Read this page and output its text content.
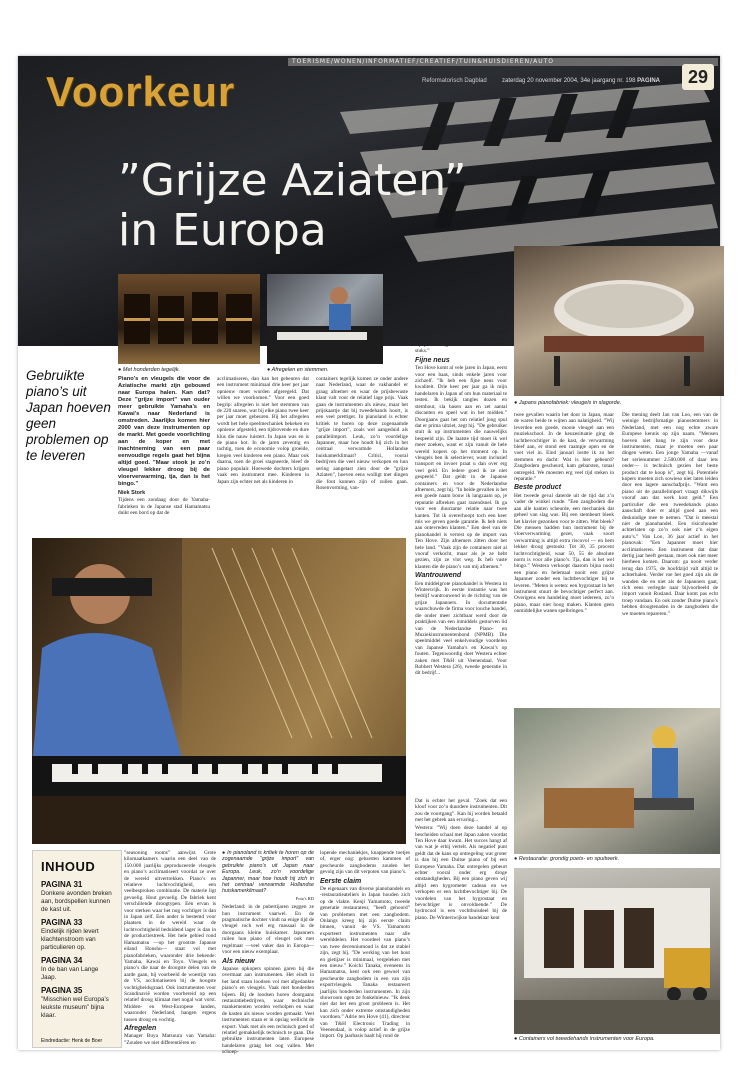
TOERISME/WONEN/INFORMATIEF/CREATIEF/TUIN&HUISDIEREN/AUTO
Voorkeur	Reformatorisch Dagblad	zaterdag 20 november 2004, 34e jaargang nr. 198 PAGINA	29
”Grijze Aziaten”
in Europa
Gebruikte piano’s uit Japan hoeven geen problemen op te leveren
● Met honderden tegelijk.	● Afregelen en stemmen.
● Japans pianofabriek: vleugels in slagorde.

Piano’s en vleugels die voor de Aziatische markt zijn gebouwd naar Europa halen. Kan dat? Deze ”grijze import” van ouder meer gebruikte Yamaha’s en Kawai’s naar Nederland is omstreden. Jaarlijks komen hier 2000 van deze instrumenten op de markt. Met goede voorlichting aan de koper en met inachtneming van een paar eenvoudige regels gaat het bijna altijd goed. ”Maar stook je zo’n vleugel lekker droog bij de vloerverwarming, tja, dan is het bingo.”

Niek Stork

Tijdens een zondaag door de Yamaha-fabrieken in de Japanse stad Hamamatsu duikt een bord op dat de

acclimatiseren, dan kan het gebeuren dat een instrument minimaal drie keer per jaar opnieuw moet worden afgeregeld. Dat willen we voorkomen.” Voor een goed begrip: afregelen is niet het stemmen van de 220 snaren, wat bij elke piano twee keer per jaar moet gebeuren. Bij het afregelen wordt het hele speelmechaniek bekeken en opnieuw afgesteld, een tijdrovende en dure klus die nauw luistert. In Japan was en is de piano hot. In de jaren zeventig en tachtig, toen de economie volop groeide, kregen veel kinderen een piano. Maar ook daarna, toen de groei stagneerde, bleef de piano populair. Hoewede dochters krijgen vaak een instrument mee. Kinderen in Japan zijn echter net als kinderen in

containers tegelijk komen ze onder andere naar Nederland, waar de vakhandel er graag afnemer en waar de prijsbewuste klant valt voor de relatief lage prijs. Vaak gaan de instrumenten als nieuw, maar het prijskaartje dat bij tweedehands hoort, is een veel prettiger. In pianoland is echter kritiek te horen op deze zogenaamde ”grijze import”, zoals wel aangeduid als parallelimport. Leuk, zo’n voordelige Japanner, maar hoe houdt hij zich in het centraal verwarmde Hollandse huiskamerklimaat? Critici, vooral bedrijven die veel nieuw verkopen en hun sering aangetast zien door de ”grijze Aziaten”, hoeven eens wolligt met dingen die fout kunnen zijn of zullen gaan. Rosenvorming, van-

500 piano’s en enkele tientallen vleugels naar Nederland. Een concurrent noemt het dubbele aantal voor z’n rekening. ”Verder zijn er nog een stuk of vier kleintjes actief, elk goed voor een honderd instrumenten. Op jaarbasis gaat het om 1900 tot 2000 stuks.”

Fijne neus

Ten Hove komt al vele jaren in Japan, eerst voor een baas, sinds enkele jaren voor zichzelf. ”Ik heb een fijne neus voor kwaliteit. Drie keer per jaar ga ik mijn handelaren in Japan af om hun materiaal te testen. Ik bekijk tangles dozen en stemhout, sla basen aan en zet aantal discanten en speel wat in het midden.” Doorgaans gaat het om relatief jong spul dat er prima uitziet, zegt hij. ”De gebruiker stuit ik op instrumenten die nauwelijks bespeeld zijn. De laatste tijd moet ik wel meer zoeken, want er zijn vanuit de hele wereld kopers op het moment op. In vleugels ben ik selectiever, want inclusief transport en invoer praat u dan over erg veel geld. En iedere goed ik ze niet gespeeld.” Dat geldt in de Japanse containers en voor de Nederlandse afnemers, zegt hij. ”In beide gevallen is het een goede naam bouw ik langzaam op, je reputatie afbreken gaat razendsnel. Ik ga voor een duurzame relatie naar twee kanten. Tot ik overerhoopt toch een keer mis we geven goede garantie. Ik heb niets aan ontevreden klanten.” Een deel van de pianohandel is verrest op de import van Ten Hove. Zijn afnemers zitten door het hele land. ”Vaak zijn de containers niet al vooraf verkocht, maar als je ze hebt gezien, zijn ze vlot weg. Ik heb vaste klanten die de piano’s van mij afnemen.”

Wantrouwend

Een middelgrote pianohandel is Westera in Wintersvijk. In eerste instantie was het bedrijf wantrouwend in de richting van de grijze Japanners. In documentatie waarschuwde de firma voor louche handel, die onder meer zichtbaar werd door de praktijken van een inmiddels gestorven lid van de Nederlandse Piano- en Muziekinstrumentenbond (NPMB). Die speelmiddel veel enkelvoudige voordelen van Japanse Yamaha’s en Kawai’s op fouten. Tegenwoordig doet Westera echter zaken met T&H uit Veenendaal. Voor Robbert Westera (26), tweede generatie in dit bedrijf...

twee gevallen waarin het door in Japan, maar de waren beide te wijten aan nalatigheid. ”Wij leverden een goede, mooie vleugel aan een muziekschool. In de keuzesituatie ging de luchtbevochtiger in de kast, de verwarming bleef aan, er stond een raampje open en de voet viel in. Eind januari lostte ik zo het stemmen en dacht: Wat is hier gebeurd? Zangbodem gescheurd, kam gebarsten, totaal ontregeld. We moesten erg veel tijd steken in reparatie.”

Beste product

Het tweede geval daterde uit de tijd dat z’n vader de winkel runde. ”Een zangbodem die aan alle kanten scheurde, een mechaniek dat geheel van slag was. Bij een stembeurt bleek het klavier gezonken voor te zitten. Wat bleek? Die mensen hadden hun instrument bij de vloerverwarming gezet, vaak soort verwarming is altijd extra riscovol — en hem lekker droog gestookt. Tot 30, 35 procent luchtvochtigheid, waar 50, 55 de absolute norm is voor alle piano’s. Tja, dan is het wel bingo.” Westera verkoopt daarom bijna nooit een piano en helemaal nooit een grijze Japanner zonder een luchtbevochtiger bij te leveren. ”Meten is weten: een hygrostaat in het instrument stuurt de bevochtiger perfect aan. Overigens een handeling moet iedereen, zo’n piano, maar niet hoog maken. Klanten geen onmiddelijke wanen spelbringen.”

Die mening deelt Jan van Loo, een van de weinige bedrijfsmatige pianostemmers in Nederland, met een nog echte zware Europese kennis op zijn naam. ”Mensen hoeven niet bang te zijn voor deze instrumenten, maar je moeten een paar dingen weten. Een jonge Yamaha —vanaf het serienummer 2.500.000 of daar iets onder— is technisch gezien het beste product dat te koop is”, zegt hij. Potentiele kopers moeten zich sowieso niet laten leiden door een lagere aanschafprijs. ”Want een piano uit de parallelimport vraagt dikwijls vooraf aan dat werk kost geld.” Een particulier die een tweedehands piano aanschaft doet er altijd goed aan een deskundige mee te nemen. ”Dat is meestal niet de pianohandel. Een risicohouder achterlaten op zo’n ook niet z’n eigen auto’s.” Van Loo, 36 jaar actief in het pianovak: ”Een Japanner moet hier acclimatiseren. Een instrument dat daar dertig jaar heeft gestaan, moet ook niet meer hierheen komen. Daarom: ga nooit verder terug dan 1975, de hoofdzijd valt altijd te achterhalen. Verder roe het goed zijn als de wanden die en niet als de Japanners gaat, rich eens verlegde naar bijvoorbeeld de import vanuit Rusland. Daar komt pas echt troep vandaan. En ook zonder Duitse piano’s hebben droogtenaden in de zangbodem die we moeten repareren.”

● Restauratie: grondig poets- en spuitwerk.
● Containers vol tweedehands instrumenten voor Europa.

”seasoning rooms” aanwijst. Grote kilomaatkamers waarin een deel van de 150.000 jaarlijks geproduceerde vleugels en piano’s acclimatiseert voordat ze over de wereld uitvertrekken. Piano’s en relatieve luchtvochtigheid, een veelbesproken combinatie. De materie ligt gevoelig. Hout gevoelig. De fabriek kent verschillende droogtypen. Eén ervan is voor sterken waar het nog vochtiger is dan in Japan zelf. Een ander is bestemd voor plaatsen in de wereld waar de luchtvochtigheid beduidend lager is dan in de productiestreek. Het hele gebied rond Hamamatsu —op het grootste Japanse eiland Honshu— staat vol met pianofabrieken, waaronder drie bekende: Yamaha, Kawai en Toyo. Vleugels en piano’s die naar de droogste delen van de aarde gaan, bij voorbeeld de woestijn van de VS, acclimatiseren bij de hoogste vochtigheidsgraad. Ook instrumenten voor Scandinavië worden voorbereid op een relatief droog klimaat met nogal wat vorst. Midden- en West-Europese landen, waaronder Nederland, hangen ergens tussen droog en vochtig.

Afregelen

Manager Buya Matsuura van Yamaha: ”Zouden we niet differentiëren en

● In pianoland is kritiek te horen op de zogenaamde ”grijze import” van gebruikte piano’s uit Japan naar Europa. Leuk, zo’n voordelige Japanner, maar hoe houdt hij zich in het centraal verwarmde Hollandse huiskamerklimaat?

Foto's RD

Nederland: in de pubertijaren zeggen ze hun instrument vaarwel. En de pragmatische dochter vindt na enige tijd de vleugel toch wel erg massaal in de doorgaans kleine huiskamer. Japanners ruilen hun piano of vleugel ook met regelmaat —veel vaker dan in Europa— voor een nieuw exemplaar.

Als nieuw

Japanse opkopers spinnen garen bij die overmaat aan instrumenten. Het eindt in het land staan loodsen vol met afgedankte piano’s en vleugels. Vaak met honderden bijeen. Bij de loodsen horen doorgaans restauratiebedrijven, waar technische mankementen worden verholpen en waar de kasten als nieuw worden gemaakt. Veel instrumenten staan er in opslag wellicht de export. Vaak met als een technisch goed of relatief gemakkelijk technisch te gaan. Die gebruikte instrumenten laten Europese handelaren graag het oog vallen. Met schoep-

lopende mechaniekjes, knappende toetjes of, erger nog: gebarsten kammen of gescheurde zangbodems zouden het gevolg zijn van dit verpoten van piano’s.

Eerste claim

De eigenaars van diverse pianohandels en -restauratieateliers in Japan houden zich op de vlakte. Kenji Yamamoto, tweede generatie restaurateur, ”heeft gehoord” van problemen met een zangbodem. Onlangs kreeg hij zijn eerste claim binnen, vanuit de VS. Yamamoto exporteert instrumenten naar alle werelddelen. Het voordeel van piano’s van twee decenniumoud is dat ze stabiel zijn, zegt hij. ”De werking van het hout en gietijzer is minimaal, vergeleken met een nieuw.” Koichi Tanaka, eveneens in Hamamatsu, kent ook een gewoel van gescheurde zangbodem in een van zijn exportvleugels. Tanaka restaureert jaarlijks honderden instrumenten. In zijn showroom ogen ze fonkelnieuw. ”Ik denk niet dat het een groot probleem is. Het kan zich onder extreme omstandigheden voordoen.” Adrie ten Hove (41), directeur van T&H Electronic Trading in Veenendaal, is volop actief in de grijze import. Op jaarbasis haalt hij rond de

Dat is echter het geval. ”Zoek dat een kloof voor zo’n duurdere instrumenten. Dit zou de voortgang”. Kan hij worden betaald met het gebrek aan ervaring...

Westera: ”Wij doen deze handel al op bescheiden schaal met Japan zaken voordat Ten Hove daar kwam. Het succes hangt af van wat je erbij vertelt. Als negatief punt geldt dat de kans op ontregeling wat groter is dan bij een Duitse piano of bij een Europese Yamaha. Dat ontregelen gebeurt echter vooral onder erg droge omstandigheden. Bij een piano geven wij altijd een hygrometer cadeau en we verkopen er een luchtbevochtiger bij. De voordelen van het hygrostaat en bevochtiger is onvoldoende.” De hydrocool is een vochtbuisdeel bij de piano. De Winterswijkse handelaar kent

INHOUD
PAGINA 31
Donkere avonden breken aan, bordspellen kunnen de kast uit.
PAGINA 33
Eindelijk rijden levert klachtenstroom van particulieren op.
PAGINA 34
In de ban van Lange Jaap.
PAGINA 35
”Misschien wel Europa’s leukste museum” bijna klaar.
Eindredactie: Henk de Boer
